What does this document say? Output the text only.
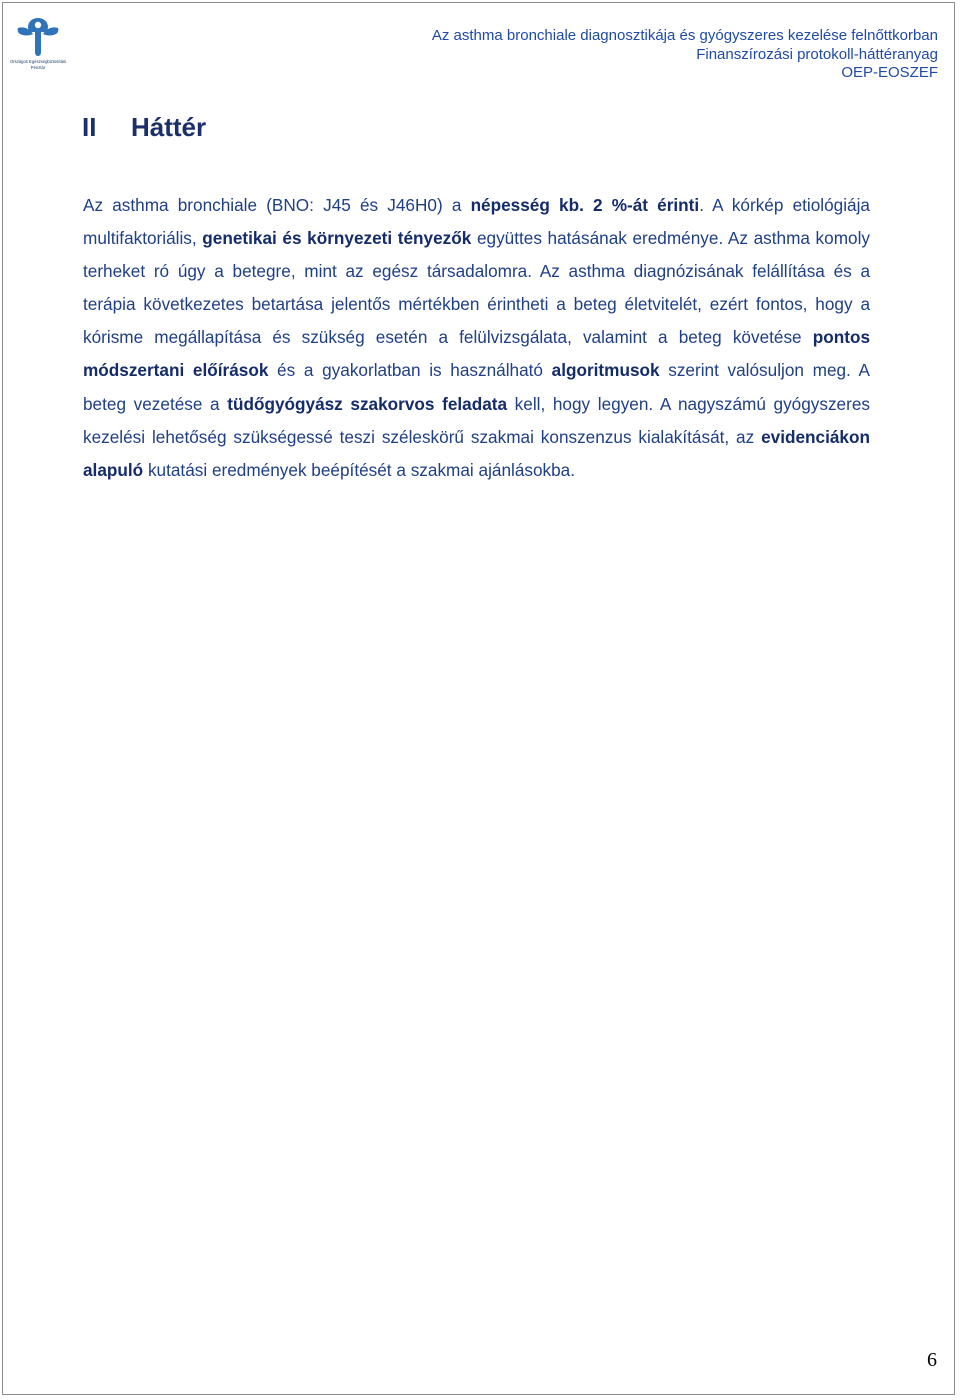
Országos Egészségbiztosítási Pénztár
Az asthma bronchiale diagnosztikája és gyógyszeres kezelése felnőttkorban
Finanszírozási protokoll-háttéranyag
OEP-EOSZEF
II Háttér

Az asthma bronchiale (BNO: J45 és J46H0) a népesség kb. 2 %-át érinti. A kórkép etiológiája multifaktoriális, genetikai és környezeti tényezők együttes hatásának eredménye. Az asthma komoly terheket ró úgy a betegre, mint az egész társadalomra. Az asthma diagnózisának felállítása és a terápia következetes betartása jelentős mértékben érintheti a beteg életvitelét, ezért fontos, hogy a kórisme megállapítása és szükség esetén a felülvizsgálata, valamint a beteg követése pontos módszertani előírások és a gyakorlatban is használható algoritmusok szerint valósuljon meg. A beteg vezetése a tüdőgyógyász szakorvos feladata kell, hogy legyen. A nagyszámú gyógyszeres kezelési lehetőség szükségessé teszi széleskörű szakmai konszenzus kialakítását, az evidenciákon alapuló kutatási eredmények beépítését a szakmai ajánlásokba.

6
